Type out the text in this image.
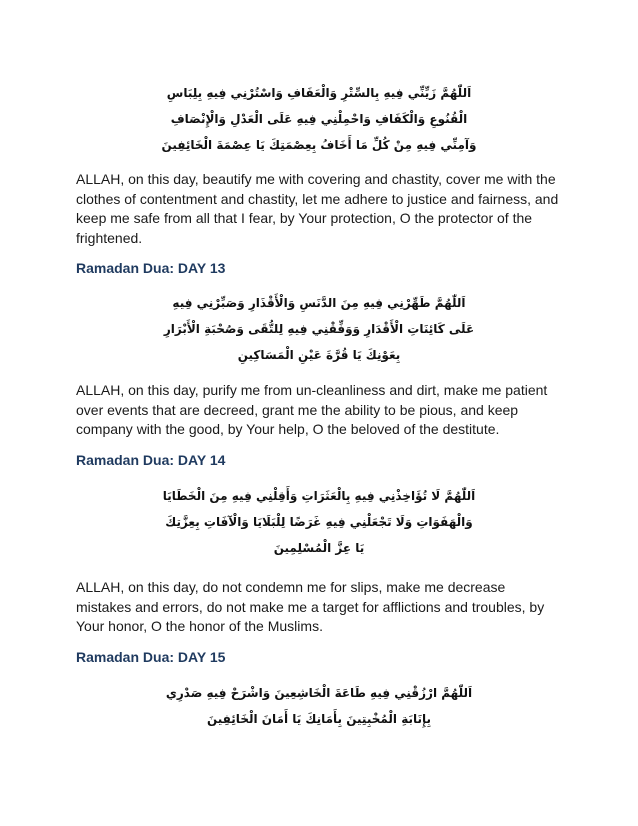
اَللّٰهُمَّ زَيِّنِّي فِيهِ بِالسِّتْرِ وَالْعَفَافِ وَاسْتُرْنِي فِيهِ بِلِبَاسِ
الْقُنُوعِ وَالْكَفَافِ وَاحْمِلْنِي فِيهِ عَلَى الْعَدْلِ وَالْإِنْصَافِ
وَآمِنِّي فِيهِ مِنْ كُلِّ مَا أَخَافُ بِعِصْمَتِكَ يَا عِصْمَةَ الْخَائِفِينَ

ALLAH, on this day, beautify me with covering and chastity, cover me with the clothes of contentment and chastity, let me adhere to justice and fairness, and keep me safe from all that I fear, by Your protection, O the protector of the frightened.

Ramadan Dua: DAY 13

اَللّٰهُمَّ طَهِّرْنِي فِيهِ مِنَ الدَّنَسِ وَالْأَقْذَارِ وَصَبِّرْنِي فِيهِ
عَلَى كَائِنَاتِ الْأَقْدَارِ وَوَفِّقْنِي فِيهِ لِلتُّقَى وَصُحْبَةِ الْأَبْرَارِ
بِعَوْنِكَ يَا قُرَّةَ عَيْنِ الْمَسَاكِينِ

ALLAH, on this day, purify me from un-cleanliness and dirt, make me patient over events that are decreed, grant me the ability to be pious, and keep company with the good, by Your help, O the beloved of the destitute.

Ramadan Dua: DAY 14

اَللّٰهُمَّ لَا تُؤَاخِذْنِي فِيهِ بِالْعَثَرَاتِ وَأَقِلْنِي فِيهِ مِنَ الْخَطَايَا
وَالْهَفَوَاتِ وَلَا تَجْعَلْنِي فِيهِ غَرَضًا لِلْبَلَايَا وَالْآفَاتِ بِعِزَّتِكَ
يَا عِزَّ الْمُسْلِمِينَ

ALLAH, on this day, do not condemn me for slips, make me decrease mistakes and errors, do not make me a target for afflictions and troubles, by Your honor, O the honor of the Muslims.

Ramadan Dua: DAY 15

اَللّٰهُمَّ ارْزُقْنِي فِيهِ طَاعَةَ الْخَاشِعِينَ وَاشْرَحْ فِيهِ صَدْرِي
بِإِنَابَةِ الْمُخْبِتِينَ بِأَمَانِكَ يَا أَمَانَ الْخَائِفِينَ
